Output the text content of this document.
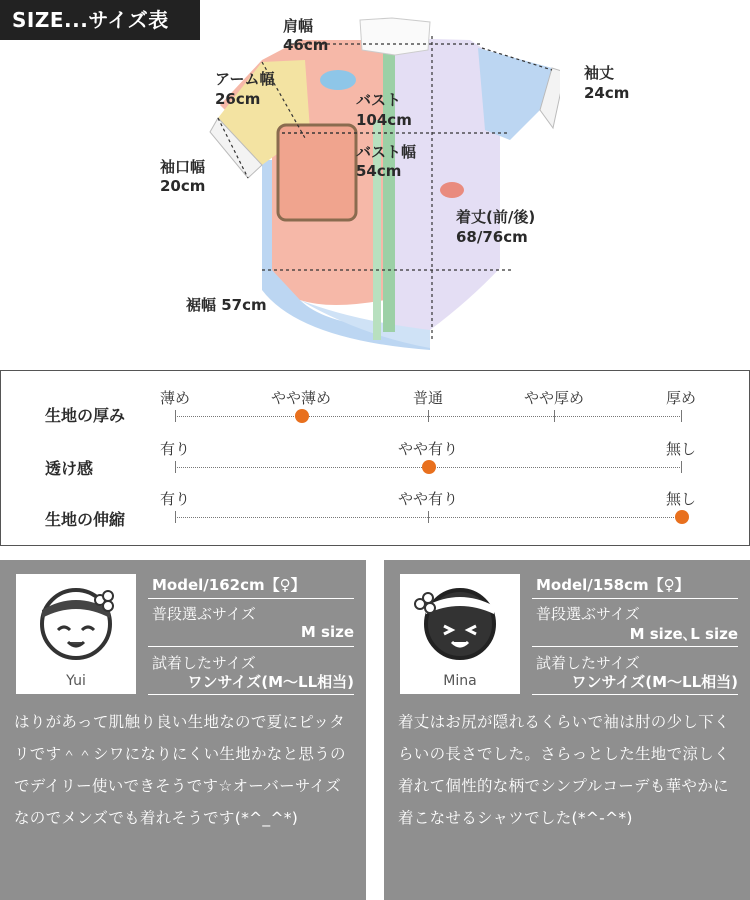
SIZE...サイズ表	肩幅
46cm
アーム幅
26cm
袖丈
24cm
バスト
104cm
バスト幅
54cm
袖口幅
20cm
着丈(前/後)
68/76cm
裾幅 57cm
生地の厚み
薄め	やや薄め	普通	やや厚め	厚め
透け感
有り	やや有り	無し
生地の伸縮
有り	やや有り	無し
Yui
Model/162cm【♀】
普段選ぶサイズ
M size
試着したサイズ
ワンサイズ(M〜LL相当)
はりがあって肌触り良い生地なので夏にピッタリです＾＾シワになりにくい生地かなと思うのでデイリー使いできそうです☆オーバーサイズなのでメンズでも着れそうです(*^_^*)
Mina
Model/158cm【♀】
普段選ぶサイズ
M size､L size
試着したサイズ
ワンサイズ(M〜LL相当)
着丈はお尻が隠れるくらいで袖は肘の少し下くらいの長さでした。さらっとした生地で涼しく着れて個性的な柄でシンプルコーデも華やかに着こなせるシャツでした(*^-^*)
